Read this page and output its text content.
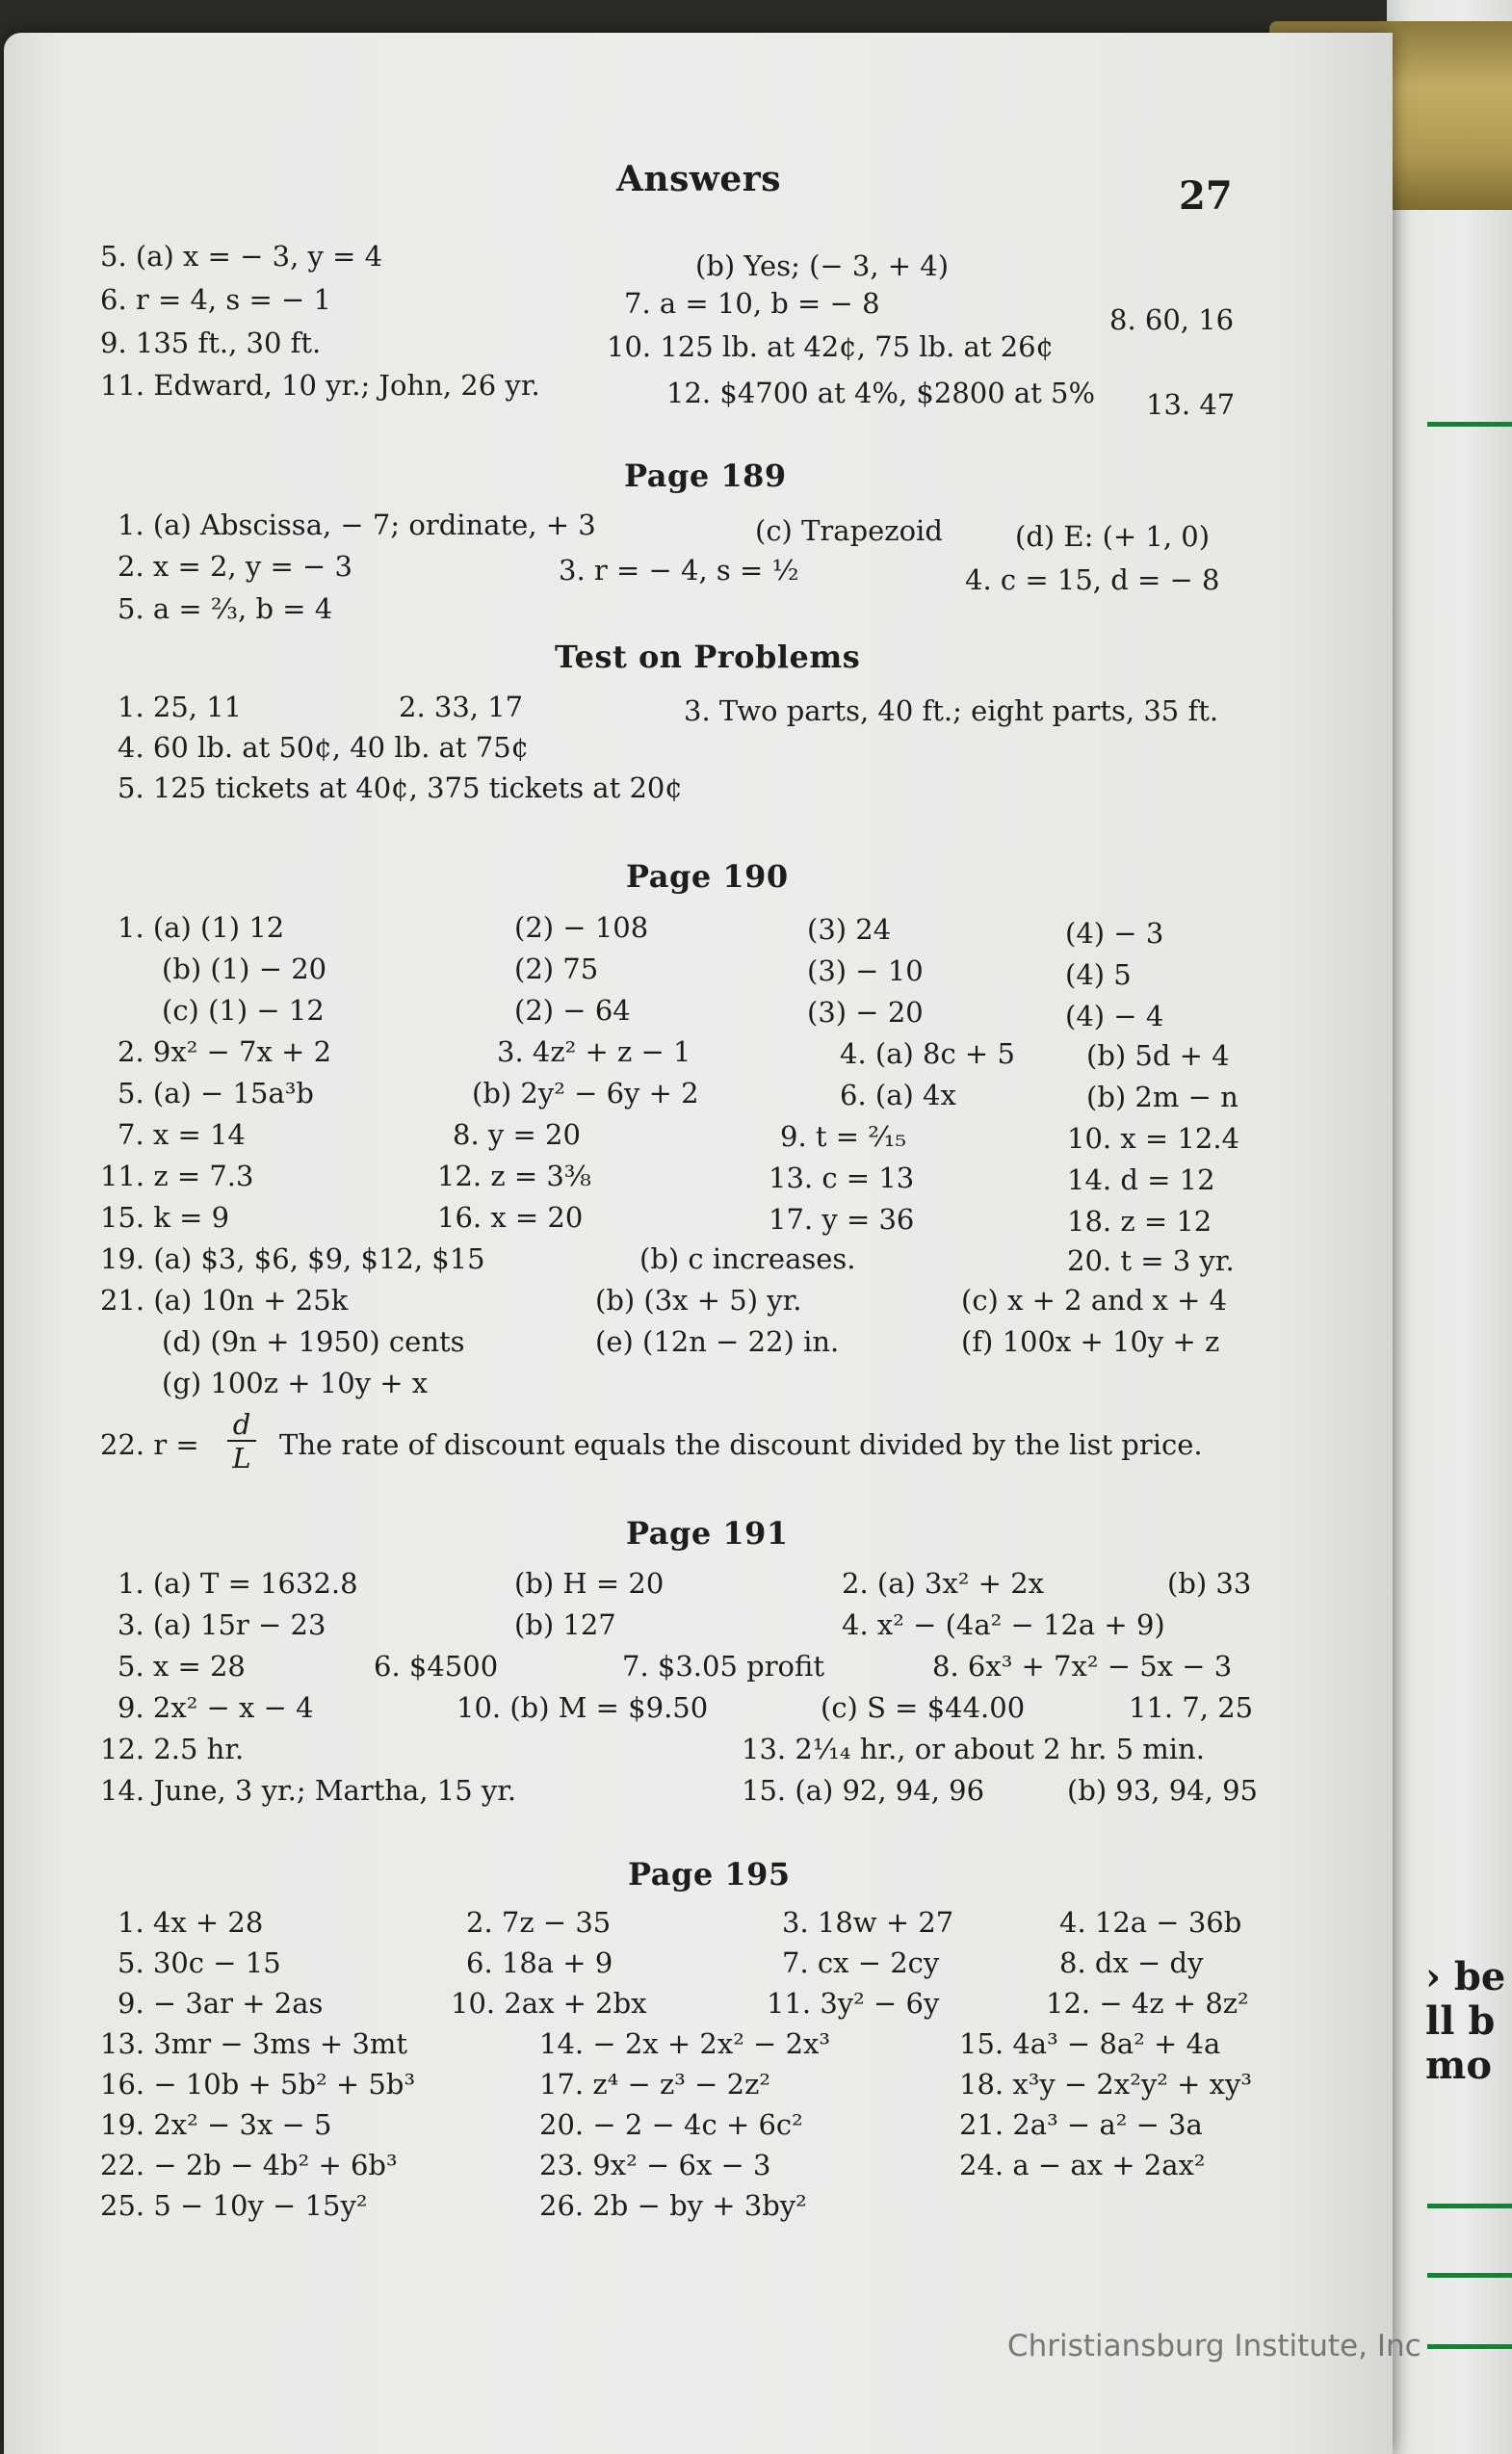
› be
ll b
mo
Answers	27
5. (a) x = − 3, y = 4	(b) Yes; (− 3, + 4)
6. r = 4, s = − 1	7. a = 10, b = − 8	8. 60, 16
9. 135 ft., 30 ft.	10. 125 lb. at 42¢, 75 lb. at 26¢
11. Edward, 10 yr.; John, 26 yr.	12. $4700 at 4%, $2800 at 5% 13. 47
Page 189
1. (a) Abscissa, − 7; ordinate, + 3	(c) Trapezoid	(d) E: (+ 1, 0)
2. x = 2, y = − 3	3. r = − 4, s = ½	4. c = 15, d = − 8
5. a = ⅔, b = 4
Test on Problems
1. 25, 11	2. 33, 17	3. Two parts, 40 ft.; eight parts, 35 ft.
4. 60 lb. at 50¢, 40 lb. at 75¢
5. 125 tickets at 40¢, 375 tickets at 20¢
Page 190
1. (a) (1) 12	(2) − 108	(3) 24	(4) − 3
(b) (1) − 20	(2) 75	(3) − 10	(4) 5
(c) (1) − 12	(2) − 64	(3) − 20	(4) − 4
2. 9x² − 7x + 2	3. 4z² + z − 1	4. (a) 8c + 5	(b) 5d + 4
5. (a) − 15a³b	(b) 2y² − 6y + 2	6. (a) 4x	(b) 2m − n
7. x = 14	8. y = 20	9. t = ²⁄₁₅	10. x = 12.4
11. z = 7.3	12. z = 3⅜	13. c = 13	14. d = 12
15. k = 9	16. x = 20	17. y = 36	18. z = 12
19. (a) $3, $6, $9, $12, $15	(b) c increases.	20. t = 3 yr.
21. (a) 10n + 25k	(b) (3x + 5) yr.	(c) x + 2 and x + 4
(d) (9n + 1950) cents	(e) (12n − 22) in.	(f) 100x + 10y + z
(g) 100z + 10y + x
22. r =	The rate of discount equals the discount divided by the list price.
Page 191
1. (a) T = 1632.8	(b) H = 20	2. (a) 3x² + 2x	(b) 33
3. (a) 15r − 23	(b) 127	4. x² − (4a² − 12a + 9)
5. x = 28	6. $4500	7. $3.05 profit	8. 6x³ + 7x² − 5x − 3
9. 2x² − x − 4	10. (b) M = $9.50	(c) S = $44.00	11. 7, 25
12. 2.5 hr.	13. 2¹⁄₁₄ hr., or about 2 hr. 5 min.
14. June, 3 yr.; Martha, 15 yr.	15. (a) 92, 94, 96	(b) 93, 94, 95
Page 195
1. 4x + 28	2. 7z − 35	3. 18w + 27	4. 12a − 36b
5. 30c − 15	6. 18a + 9	7. cx − 2cy	8. dx − dy
9. − 3ar + 2as	10. 2ax + 2bx	11. 3y² − 6y	12. − 4z + 8z²
13. 3mr − 3ms + 3mt	14. − 2x + 2x² − 2x³	15. 4a³ − 8a² + 4a
16. − 10b + 5b² + 5b³	17. z⁴ − z³ − 2z²	18. x³y − 2x²y² + xy³
19. 2x² − 3x − 5	20. − 2 − 4c + 6c²	21. 2a³ − a² − 3a
22. − 2b − 4b² + 6b³	23. 9x² − 6x − 3	24. a − ax + 2ax²
25. 5 − 10y − 15y²	26. 2b − by + 3by²
$\frac{d}{L}$
Christiansburg Institute, Inc
